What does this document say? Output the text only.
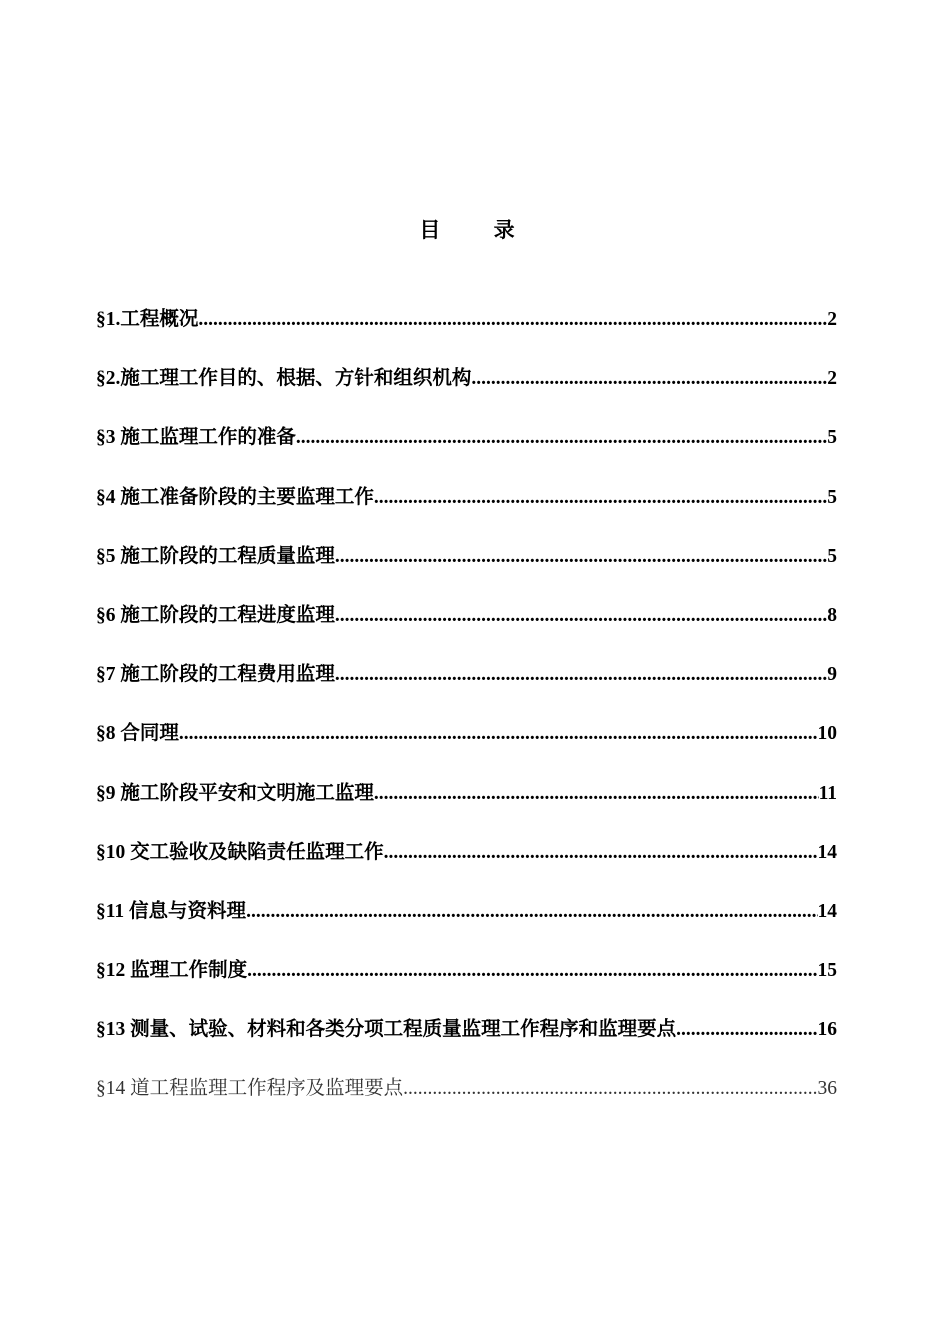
目 录
§1.工程概况 .....	2
§2.施工理工作目的、根据、方针和组织机构 .....	2
§3 施工监理工作的准备 .....	5
§4 施工准备阶段的主要监理工作 .....	5
§5 施工阶段的工程质量监理 .....	5
§6 施工阶段的工程进度监理 .....	8
§7 施工阶段的工程费用监理 .....	9
§8 合同理 .....	10
§9 施工阶段平安和文明施工监理 .....	11
§10 交工验收及缺陷责任监理工作 .....	14
§11 信息与资料理 .....	14
§12 监理工作制度 .....	15
§13 测量、试验、材料和各类分项工程质量监理工作程序和监理要点 .....	16
§14 道工程监理工作程序及监理要点 .....	36
